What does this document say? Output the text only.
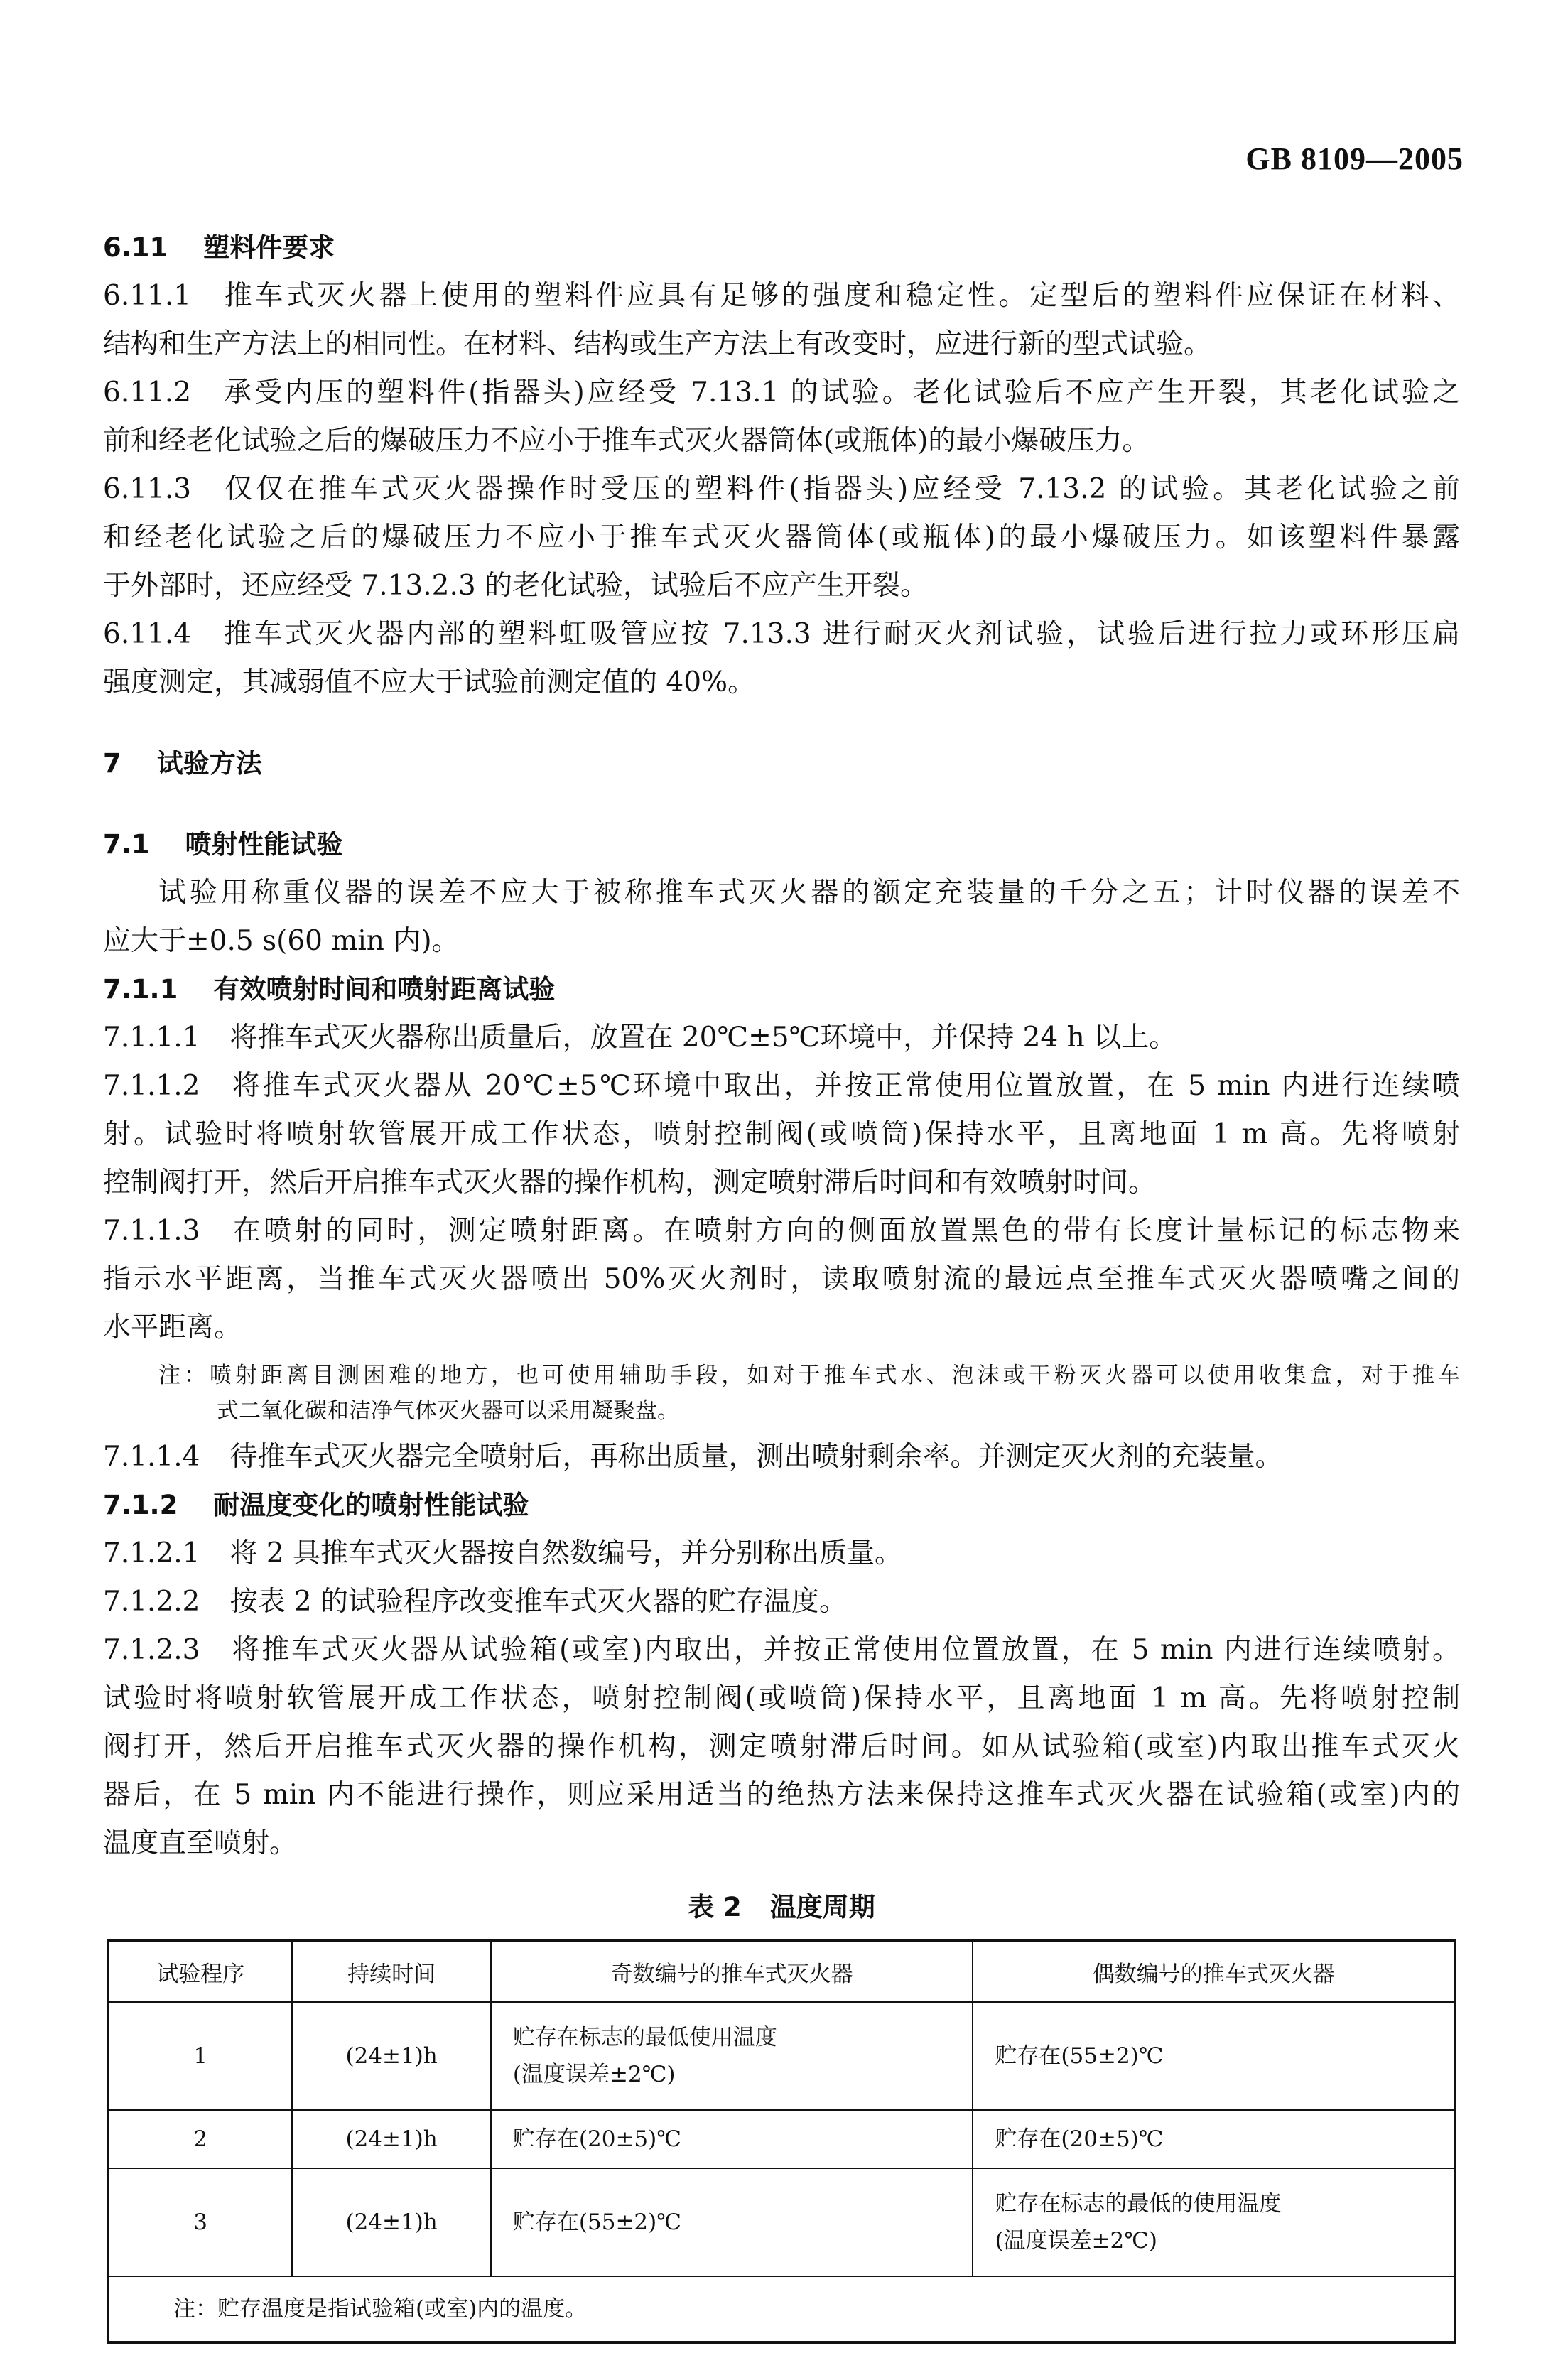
GB 8109—2005
6.11 塑料件要求
6.11.1 推车式灭火器上使用的塑料件应具有足够的强度和稳定性。定型后的塑料件应保证在材料、
结构和生产方法上的相同性。在材料、结构或生产方法上有改变时，应进行新的型式试验。
6.11.2 承受内压的塑料件(指器头)应经受 7.13.1 的试验。老化试验后不应产生开裂，其老化试验之
前和经老化试验之后的爆破压力不应小于推车式灭火器筒体(或瓶体)的最小爆破压力。
6.11.3 仅仅在推车式灭火器操作时受压的塑料件(指器头)应经受 7.13.2 的试验。其老化试验之前
和经老化试验之后的爆破压力不应小于推车式灭火器筒体(或瓶体)的最小爆破压力。如该塑料件暴露
于外部时，还应经受 7.13.2.3 的老化试验，试验后不应产生开裂。
6.11.4 推车式灭火器内部的塑料虹吸管应按 7.13.3 进行耐灭火剂试验，试验后进行拉力或环形压扁
强度测定，其减弱值不应大于试验前测定值的 40%。
7 试验方法
7.1 喷射性能试验
试验用称重仪器的误差不应大于被称推车式灭火器的额定充装量的千分之五；计时仪器的误差不
应大于±0.5 s(60 min 内)。
7.1.1 有效喷射时间和喷射距离试验
7.1.1.1 将推车式灭火器称出质量后，放置在 20℃±5℃环境中，并保持 24 h 以上。
7.1.1.2 将推车式灭火器从 20℃±5℃环境中取出，并按正常使用位置放置，在 5 min 内进行连续喷
射。试验时将喷射软管展开成工作状态，喷射控制阀(或喷筒)保持水平，且离地面 1 m 高。先将喷射
控制阀打开，然后开启推车式灭火器的操作机构，测定喷射滞后时间和有效喷射时间。
7.1.1.3 在喷射的同时，测定喷射距离。在喷射方向的侧面放置黑色的带有长度计量标记的标志物来
指示水平距离，当推车式灭火器喷出 50%灭火剂时，读取喷射流的最远点至推车式灭火器喷嘴之间的
水平距离。
注：喷射距离目测困难的地方，也可使用辅助手段，如对于推车式水、泡沫或干粉灭火器可以使用收集盒，对于推车
式二氧化碳和洁净气体灭火器可以采用凝聚盘。
7.1.1.4 待推车式灭火器完全喷射后，再称出质量，测出喷射剩余率。并测定灭火剂的充装量。
7.1.2 耐温度变化的喷射性能试验
7.1.2.1 将 2 具推车式灭火器按自然数编号，并分别称出质量。
7.1.2.2 按表 2 的试验程序改变推车式灭火器的贮存温度。
7.1.2.3 将推车式灭火器从试验箱(或室)内取出，并按正常使用位置放置，在 5 min 内进行连续喷射。
试验时将喷射软管展开成工作状态，喷射控制阀(或喷筒)保持水平，且离地面 1 m 高。先将喷射控制
阀打开，然后开启推车式灭火器的操作机构，测定喷射滞后时间。如从试验箱(或室)内取出推车式灭火
器后，在 5 min 内不能进行操作，则应采用适当的绝热方法来保持这推车式灭火器在试验箱(或室)内的
温度直至喷射。
表 2 温度周期
试验程序	持续时间	奇数编号的推车式灭火器	偶数编号的推车式灭火器
1	(24±1)h	贮存在标志的最低使用温度
(温度误差±2℃)	贮存在(55±2)℃

2	(24±1)h	贮存在(20±5)℃	贮存在(20±5)℃

3	(24±1)h	贮存在(55±2)℃	贮存在标志的最低的使用温度
(温度误差±2℃)

注：贮存温度是指试验箱(或室)内的温度。			
